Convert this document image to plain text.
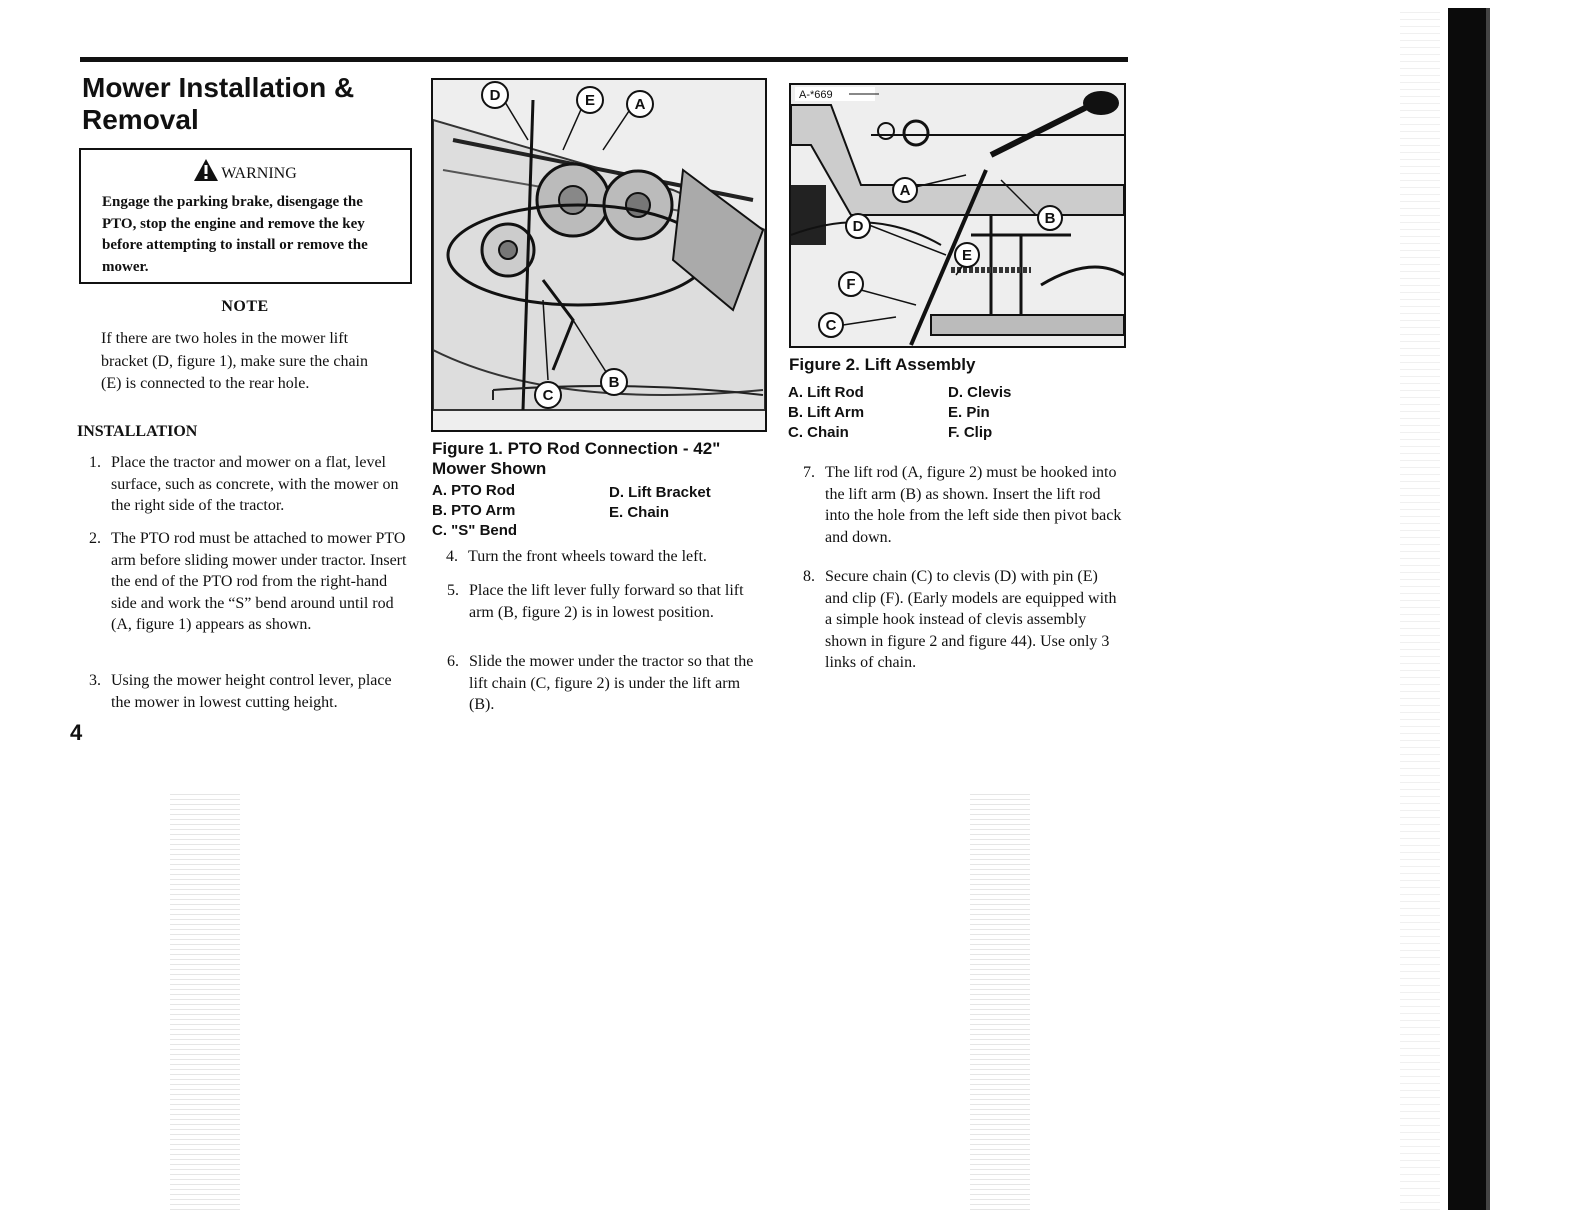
Mower Installation & Removal
WARNING
Engage the parking brake, disengage the PTO, stop the engine and remove the key before attempting to install or remove the mower.
NOTE
If there are two holes in the mower lift bracket (D, figure 1), make sure the chain (E) is connected to the rear hole.
INSTALLATION
1. Place the tractor and mower on a flat, level surface, such as concrete, with the mower on the right side of the tractor.
2. The PTO rod must be attached to mower PTO arm before sliding mower under tractor. Insert the end of the PTO rod from the right-hand side and work the “S” bend around until rod (A, figure 1) appears as shown.
3. Using the mower height control lever, place the mower in lowest cutting height.
4. Turn the front wheels toward the left.
5. Place the lift lever fully forward so that lift arm (B, figure 2) is in lowest position.
6. Slide the mower under the tractor so that the lift chain (C, figure 2) is under the lift arm (B).
7. The lift rod (A, figure 2) must be hooked into the lift arm (B) as shown. Insert the lift rod into the hole from the left side then pivot back and down.
8. Secure chain (C) to clevis (D) with pin (E) and clip (F). (Early models are equipped with a simple hook instead of clevis assembly shown in figure 2 and figure 44). Use only 3 links of chain.
D	E	A
C
B
Figure 1. PTO Rod Connection - 42" Mower Shown
A. PTO Rod
B. PTO Arm
C. "S" Bend
D. Lift Bracket
E. Chain
A
B
D
E
F
C
A-*669
Figure 2. Lift Assembly
A. Lift Rod
B. Lift Arm
C. Chain
D. Clevis
E. Pin
F. Clip
4
